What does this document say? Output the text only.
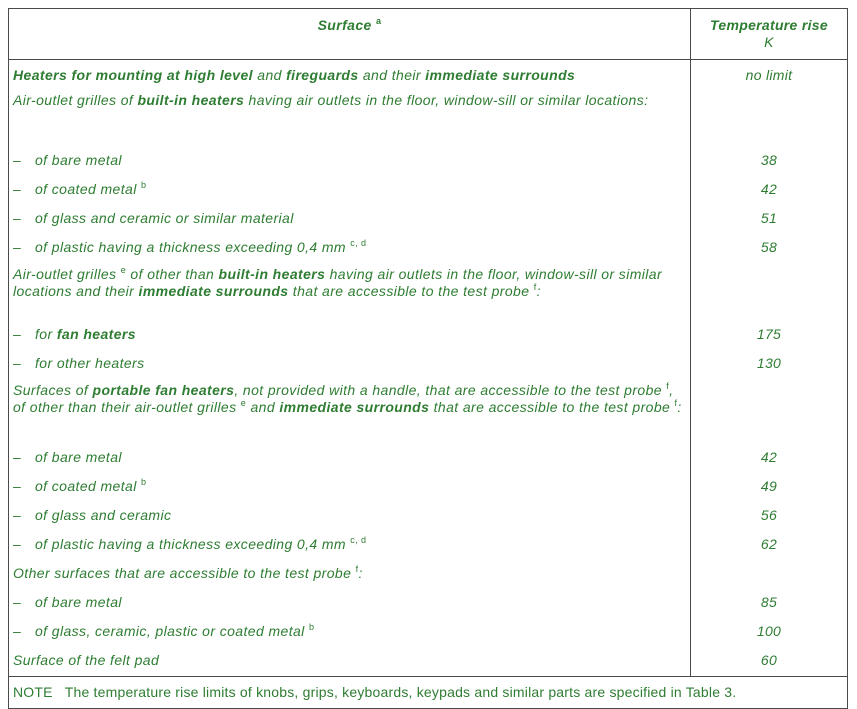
Surface $^a$	Temperature rise
K
Heaters for mounting at high level and fireguards and their immediate surrounds	no limit
Air-outlet grilles of built-in heaters having air outlets in the floor, window-sill or similar locations:
– of bare metal	38
– of coated metal $^b$	42
– of glass and ceramic or similar material	51
– of plastic having a thickness exceeding 0,4 mm $^{c, d}$	58
Air-outlet grilles $^e$ of other than built-in heaters having air outlets in the floor, window-sill or similar locations and their immediate surrounds that are accessible to the test probe $^f$:
– for fan heaters	175
– for other heaters	130
Surfaces of portable fan heaters, not provided with a handle, that are accessible to the test probe $^f$, of other than their air-outlet grilles $^e$ and immediate surrounds that are accessible to the test probe $^f$:
– of bare metal	42
– of coated metal $^b$	49
– of glass and ceramic	56
– of plastic having a thickness exceeding 0,4 mm $^{c, d}$	62
Other surfaces that are accessible to the test probe $^f$:
– of bare metal	85
– of glass, ceramic, plastic or coated metal $^b$	100
Surface of the felt pad	60
NOTE The temperature rise limits of knobs, grips, keyboards, keypads and similar parts are specified in Table 3.
